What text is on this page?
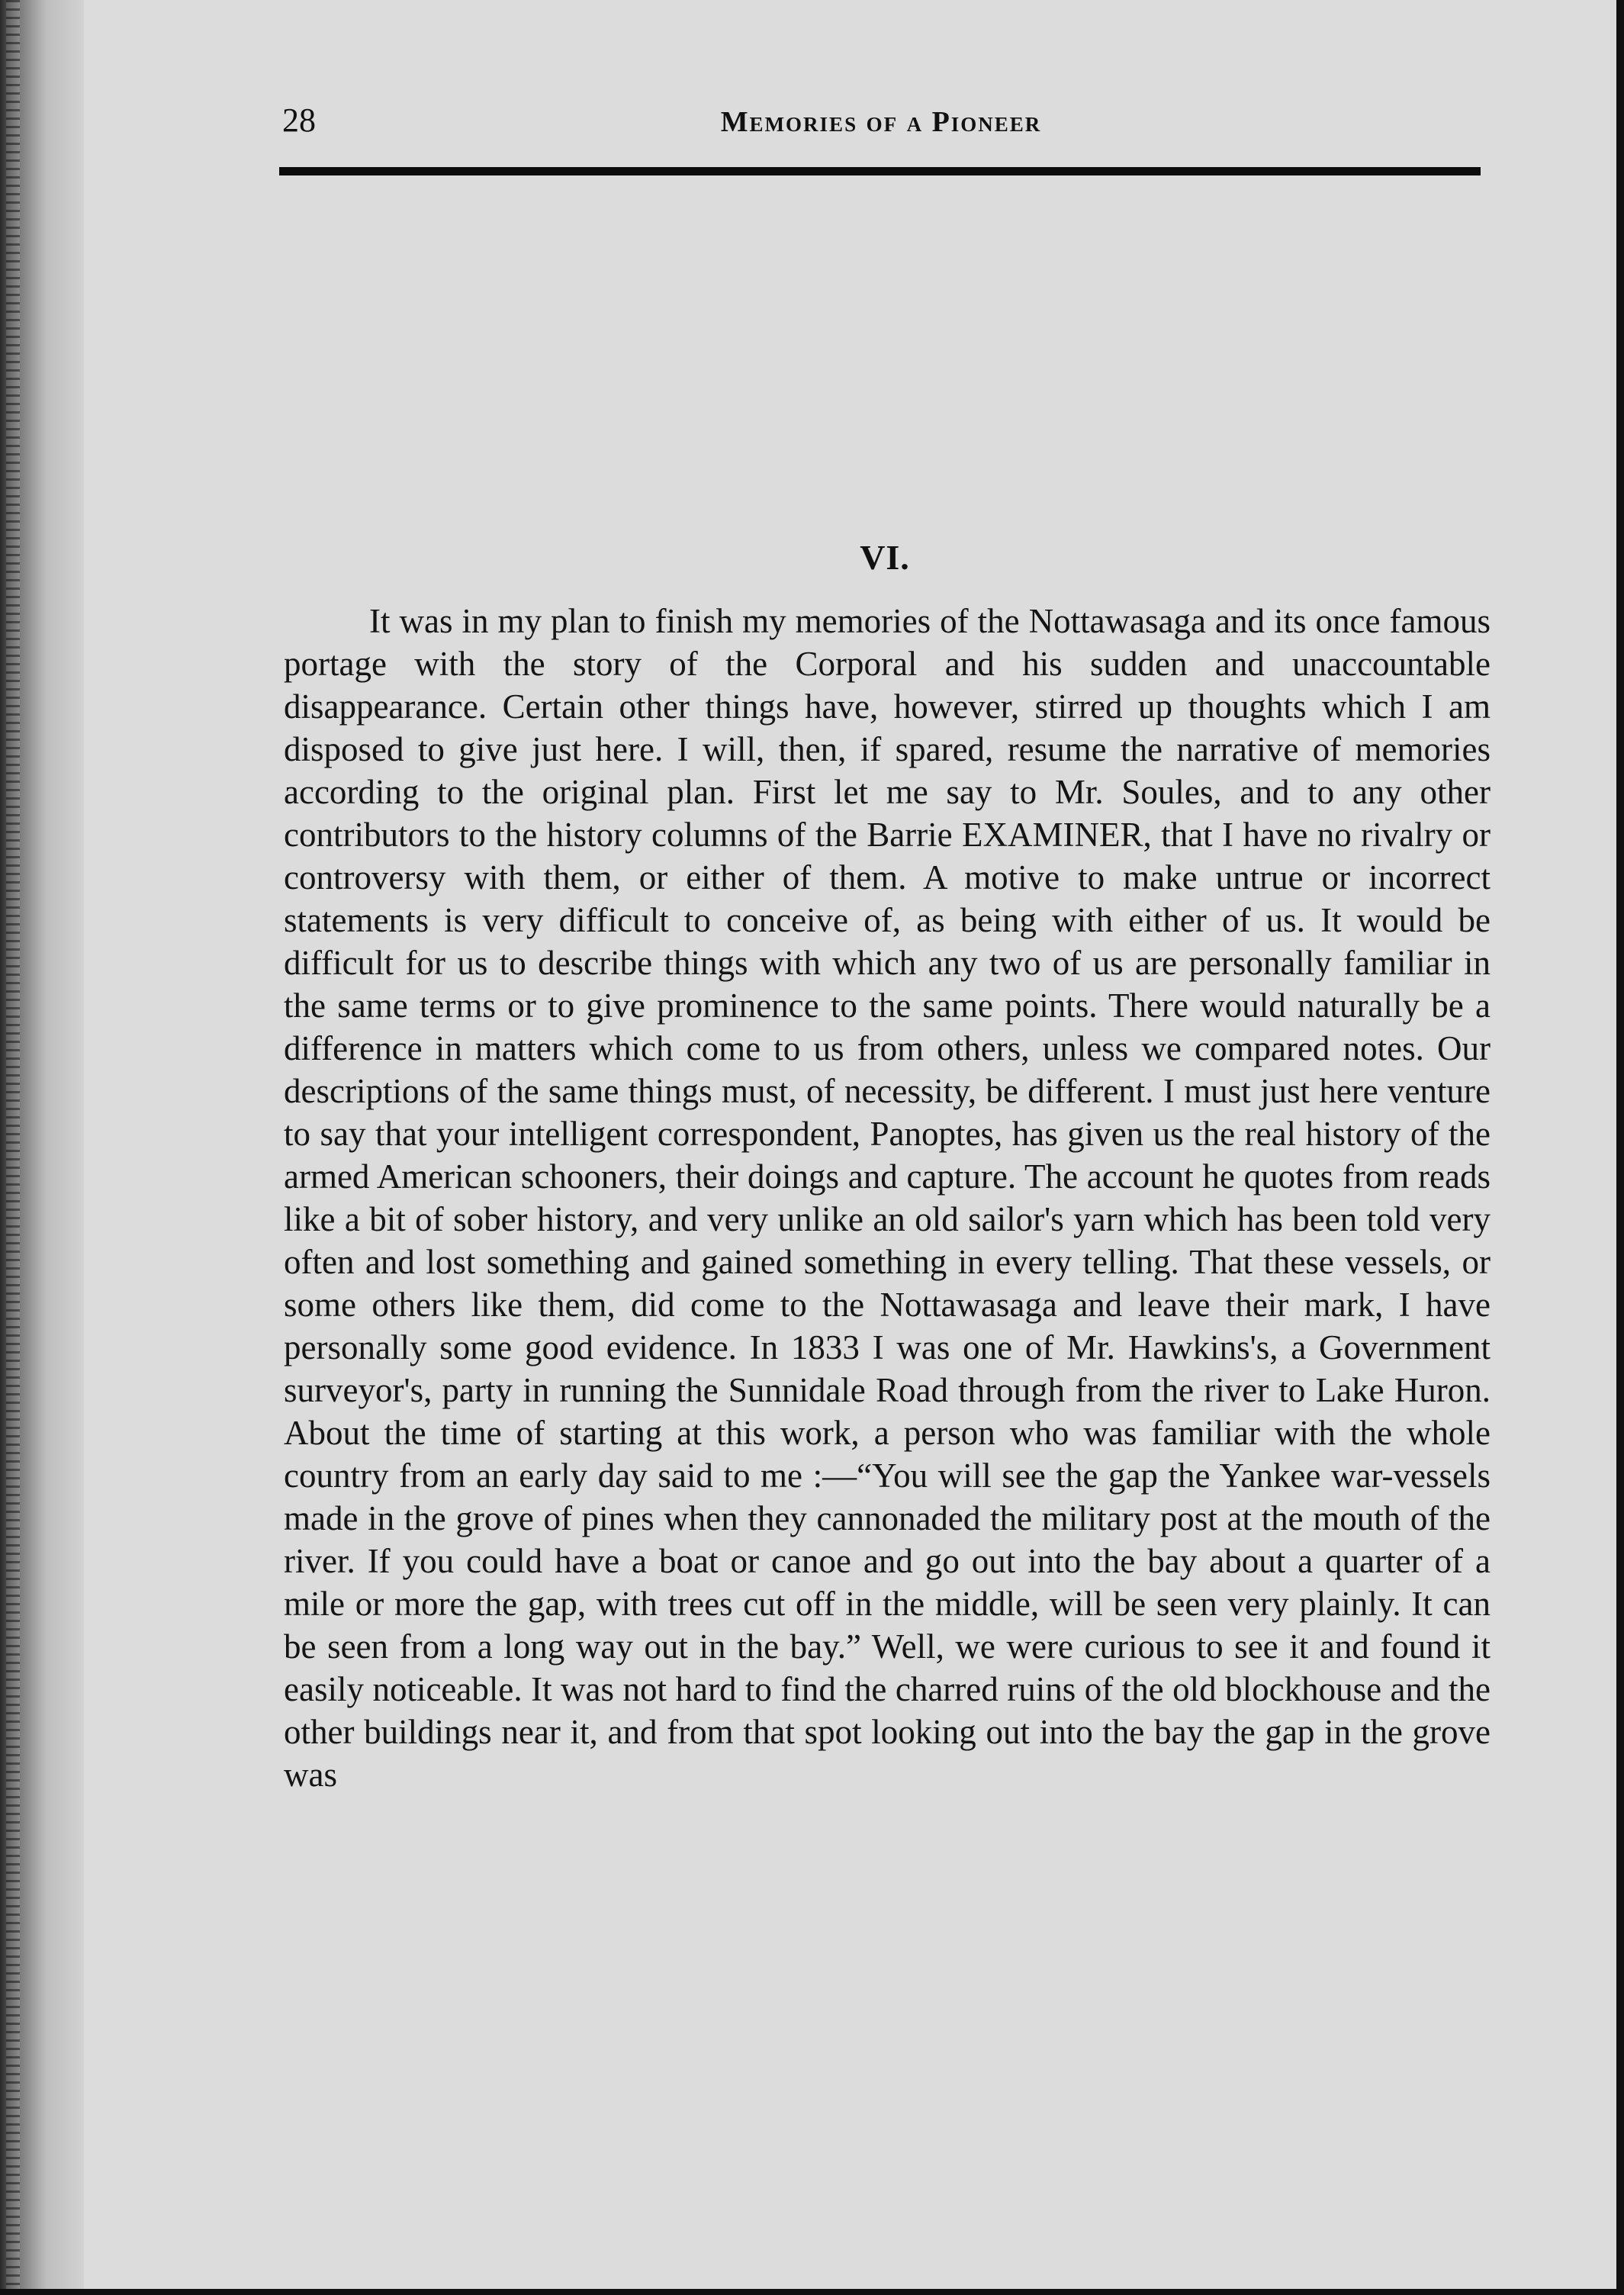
28	Memories of a Pioneer
VI.

It was in my plan to finish my memories of the Nottawasaga and its once famous portage with the story of the Corporal and his sudden and unaccountable disappearance. Certain other things have, however, stirred up thoughts which I am disposed to give just here. I will, then, if spared, resume the narrative of memories according to the original plan. First let me say to Mr. Soules, and to any other contributors to the history columns of the Barrie EXAMINER, that I have no rivalry or controversy with them, or either of them. A motive to make untrue or incorrect statements is very difficult to conceive of, as being with either of us. It would be difficult for us to describe things with which any two of us are personally familiar in the same terms or to give prominence to the same points. There would naturally be a difference in matters which come to us from others, unless we compared notes. Our descriptions of the same things must, of necessity, be different. I must just here venture to say that your intelligent correspondent, Panoptes, has given us the real history of the armed American schooners, their doings and capture. The account he quotes from reads like a bit of sober history, and very unlike an old sailor's yarn which has been told very often and lost something and gained something in every telling. That these vessels, or some others like them, did come to the Nottawasaga and leave their mark, I have personally some good evidence. In 1833 I was one of Mr. Hawkins's, a Government surveyor's, party in running the Sunnidale Road through from the river to Lake Huron. About the time of starting at this work, a person who was familiar with the whole country from an early day said to me :—“You will see the gap the Yankee war-vessels made in the grove of pines when they cannonaded the military post at the mouth of the river. If you could have a boat or canoe and go out into the bay about a quarter of a mile or more the gap, with trees cut off in the middle, will be seen very plainly. It can be seen from a long way out in the bay.” Well, we were curious to see it and found it easily noticeable. It was not hard to find the charred ruins of the old blockhouse and the other buildings near it, and from that spot looking out into the bay the gap in the grove was
